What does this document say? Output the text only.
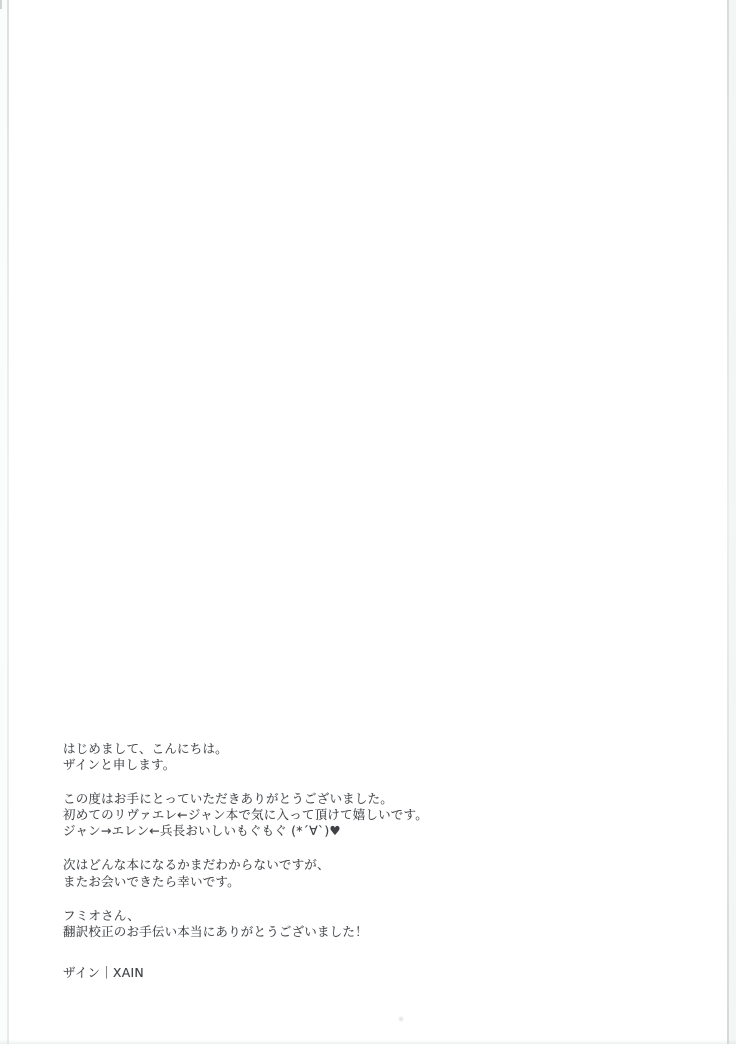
はじめまして、こんにちは。
ザインと申します。

この度はお手にとっていただきありがとうございました。
初めてのリヴァエレ←ジャン本で気に入って頂けて嬉しいです。
ジャン→エレン←兵長おいしいもぐもぐ (*´∀`)♥

次はどんな本になるかまだわからないですが、
またお会いできたら幸いです。

フミオさん、
翻訳校正のお手伝い本当にありがとうございました！

ザイン｜XAIN
